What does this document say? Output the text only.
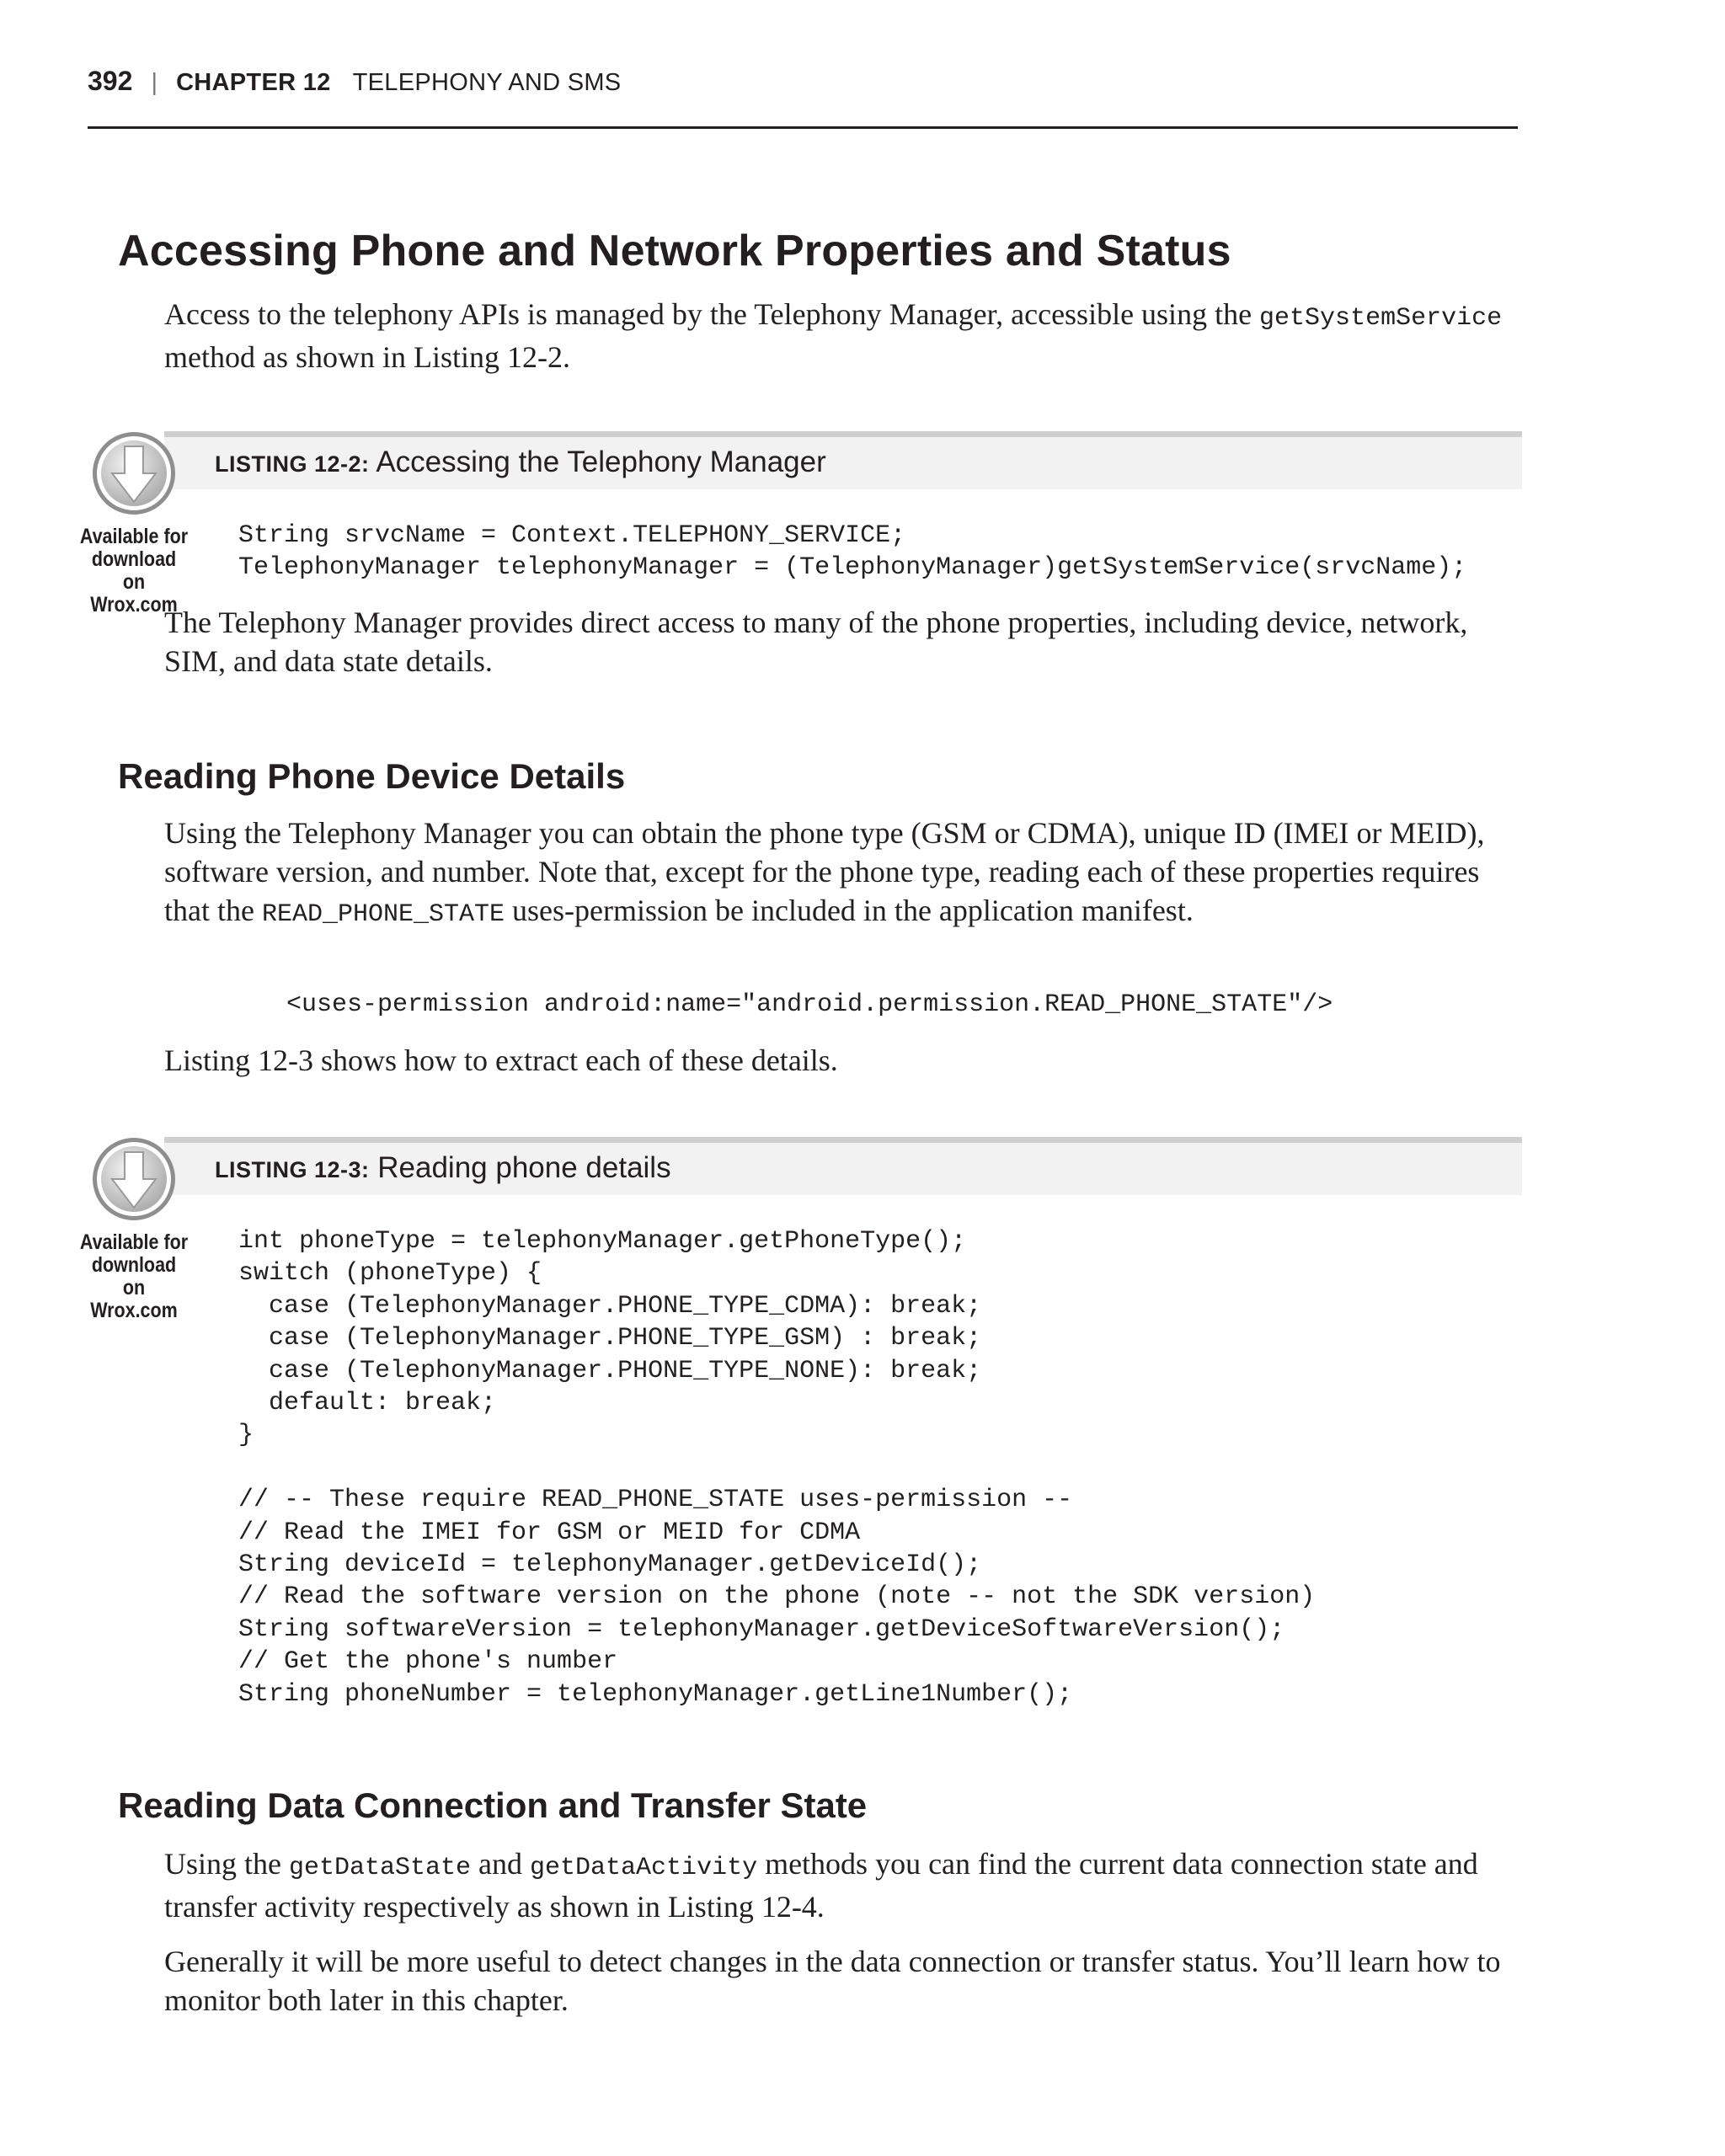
392 | CHAPTER 12 TELEPHONY AND SMS
Accessing Phone and Network Properties and Status
Access to the telephony APIs is managed by the Telephony Manager, accessible using the getSystemService method as shown in Listing 12-2.
LISTING 12-2: Accessing the Telephony Manager
Available for
download on
Wrox.com
String srvcName = Context.TELEPHONY_SERVICE;
TelephonyManager telephonyManager = (TelephonyManager)getSystemService(srvcName);
The Telephony Manager provides direct access to many of the phone properties, including device, network, SIM, and data state details.
Reading Phone Device Details
Using the Telephony Manager you can obtain the phone type (GSM or CDMA), unique ID (IMEI or MEID), software version, and number. Note that, except for the phone type, reading each of these properties requires that the READ_PHONE_STATE uses-permission be included in the application manifest.
<uses-permission android:name="android.permission.READ_PHONE_STATE"/>
Listing 12-3 shows how to extract each of these details.
LISTING 12-3: Reading phone details
Available for
download on
Wrox.com
int phoneType = telephonyManager.getPhoneType();
switch (phoneType) {
case (TelephonyManager.PHONE_TYPE_CDMA): break;
case (TelephonyManager.PHONE_TYPE_GSM) : break;
case (TelephonyManager.PHONE_TYPE_NONE): break;
default: break;
}

// -- These require READ_PHONE_STATE uses-permission --
// Read the IMEI for GSM or MEID for CDMA
String deviceId = telephonyManager.getDeviceId();
// Read the software version on the phone (note -- not the SDK version)
String softwareVersion = telephonyManager.getDeviceSoftwareVersion();
// Get the phone's number
String phoneNumber = telephonyManager.getLine1Number();
Reading Data Connection and Transfer State
Using the getDataState and getDataActivity methods you can find the current data connection state and transfer activity respectively as shown in Listing 12-4.
Generally it will be more useful to detect changes in the data connection or transfer status. You’ll learn how to monitor both later in this chapter.
